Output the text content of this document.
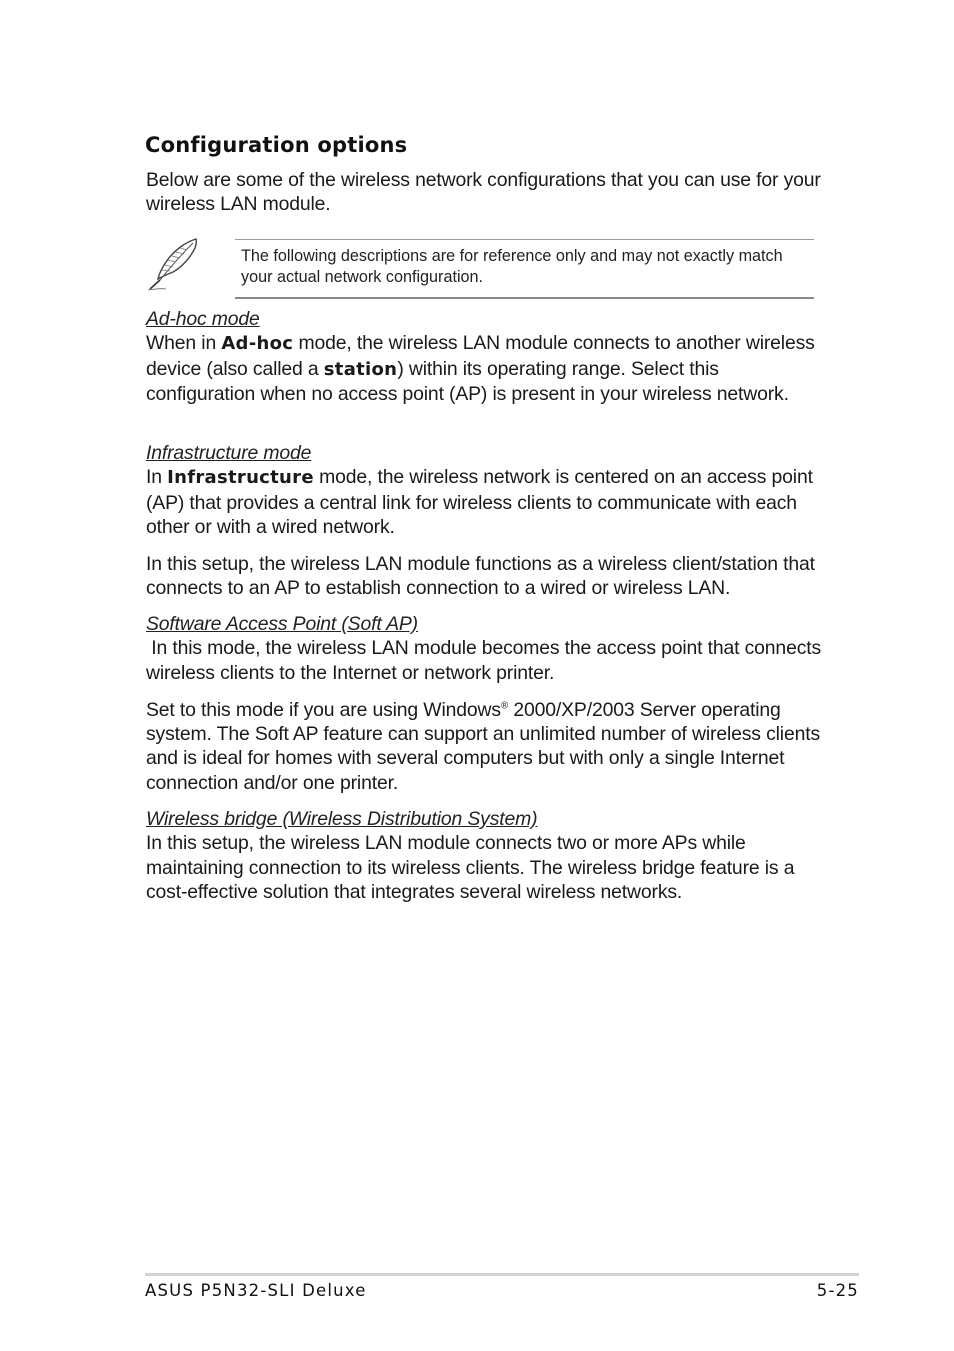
Configuration options

Below are some of the wireless network configurations that you can use for your wireless LAN module.

The following descriptions are for reference only and may not exactly match your actual network configuration.

Ad-hoc mode

When in Ad-hoc mode, the wireless LAN module connects to another wireless device (also called a station) within its operating range. Select this configuration when no access point (AP) is present in your wireless network.

Infrastructure mode

In Infrastructure mode, the wireless network is centered on an access point (AP) that provides a central link for wireless clients to communicate with each other or with a wired network.

In this setup, the wireless LAN module functions as a wireless client/station that connects to an AP to establish connection to a wired or wireless LAN.

Software Access Point (Soft AP)

In this mode, the wireless LAN module becomes the access point that connects wireless clients to the Internet or network printer.

Set to this mode if you are using Windows® 2000/XP/2003 Server operating system. The Soft AP feature can support an unlimited number of wireless clients and is ideal for homes with several computers but with only a single Internet connection and/or one printer.

Wireless bridge (Wireless Distribution System)

In this setup, the wireless LAN module connects two or more APs while maintaining connection to its wireless clients. The wireless bridge feature is a cost-effective solution that integrates several wireless networks.

ASUS P5N32-SLI Deluxe	5-25
